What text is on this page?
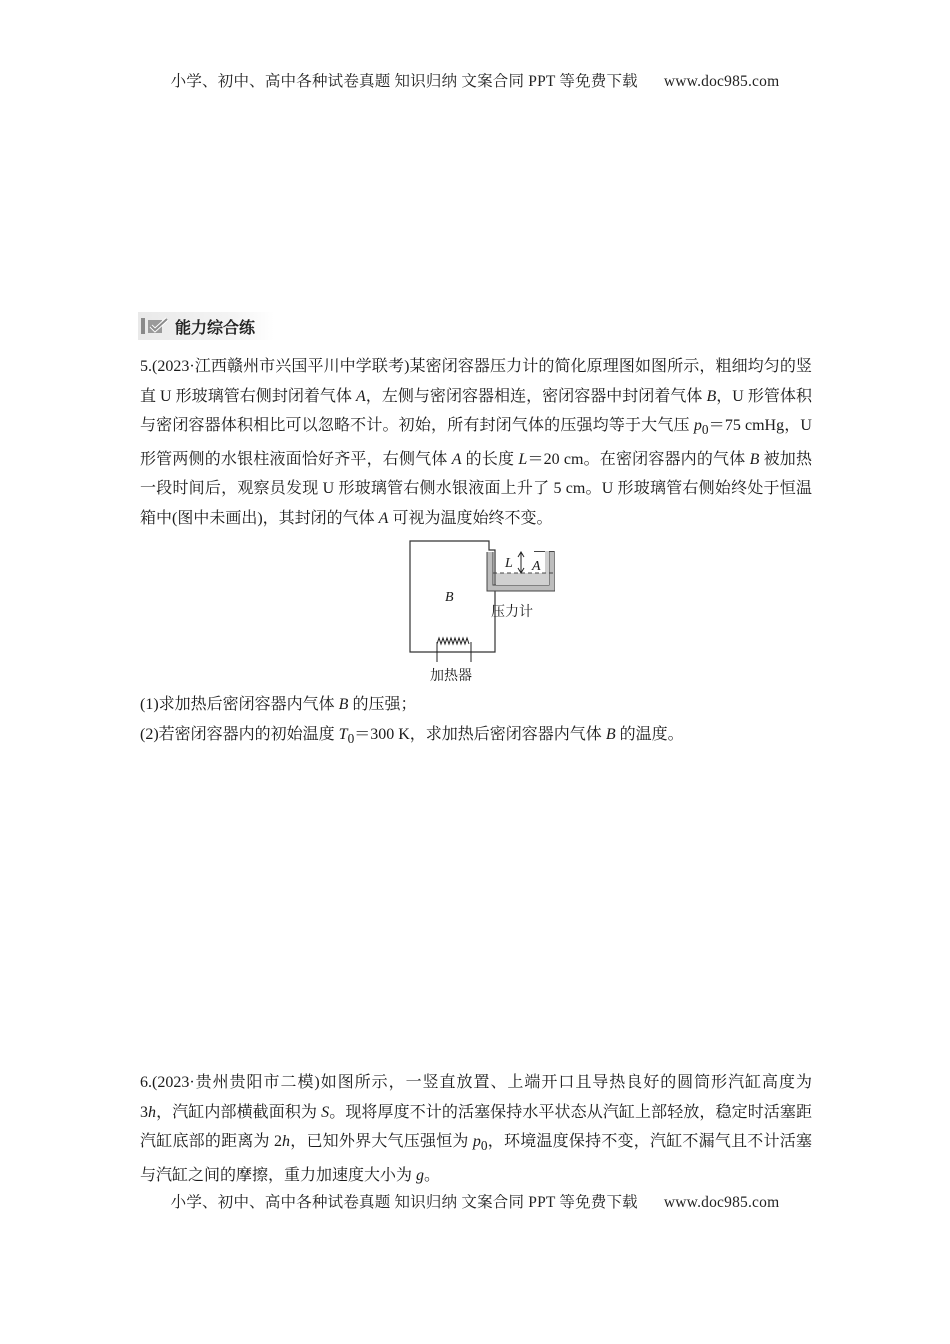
小学、初中、高中各种试卷真题 知识归纳 文案合同 PPT 等免费下载 www.doc985.com
能力综合练
5.(2023·江西赣州市兴国平川中学联考)某密闭容器压力计的简化原理图如图所示，粗细均匀的竖直 U 形玻璃管右侧封闭着气体 A，左侧与密闭容器相连，密闭容器中封闭着气体 B，U 形管体积与密闭容器体积相比可以忽略不计。初始，所有封闭气体的压强均等于大气压 $p_0=75$ cmHg，U 形管两侧的水银柱液面恰好齐平，右侧气体 A 的长度 L＝20 cm。在密闭容器内的气体 B 被加热一段时间后，观察员发现 U 形玻璃管右侧水银液面上升了 5 cm。U 形玻璃管右侧始终处于恒温箱中(图中未画出)，其封闭的气体 A 可视为温度始终不变。
B
L A
压力计
加热器
(1)求加热后密闭容器内气体 B 的压强；
(2)若密闭容器内的初始温度 $T_0=300$ K，求加热后密闭容器内气体 B 的温度。
6.(2023·贵州贵阳市二模)如图所示，一竖直放置、上端开口且导热良好的圆筒形汽缸高度为 3h，汽缸内部横截面积为 S。现将厚度不计的活塞保持水平状态从汽缸上部轻放，稳定时活塞距汽缸底部的距离为 2h，已知外界大气压强恒为 $p_0$，环境温度保持不变，汽缸不漏气且不计活塞与汽缸之间的摩擦，重力加速度大小为 g。
小学、初中、高中各种试卷真题 知识归纳 文案合同 PPT 等免费下载 www.doc985.com
